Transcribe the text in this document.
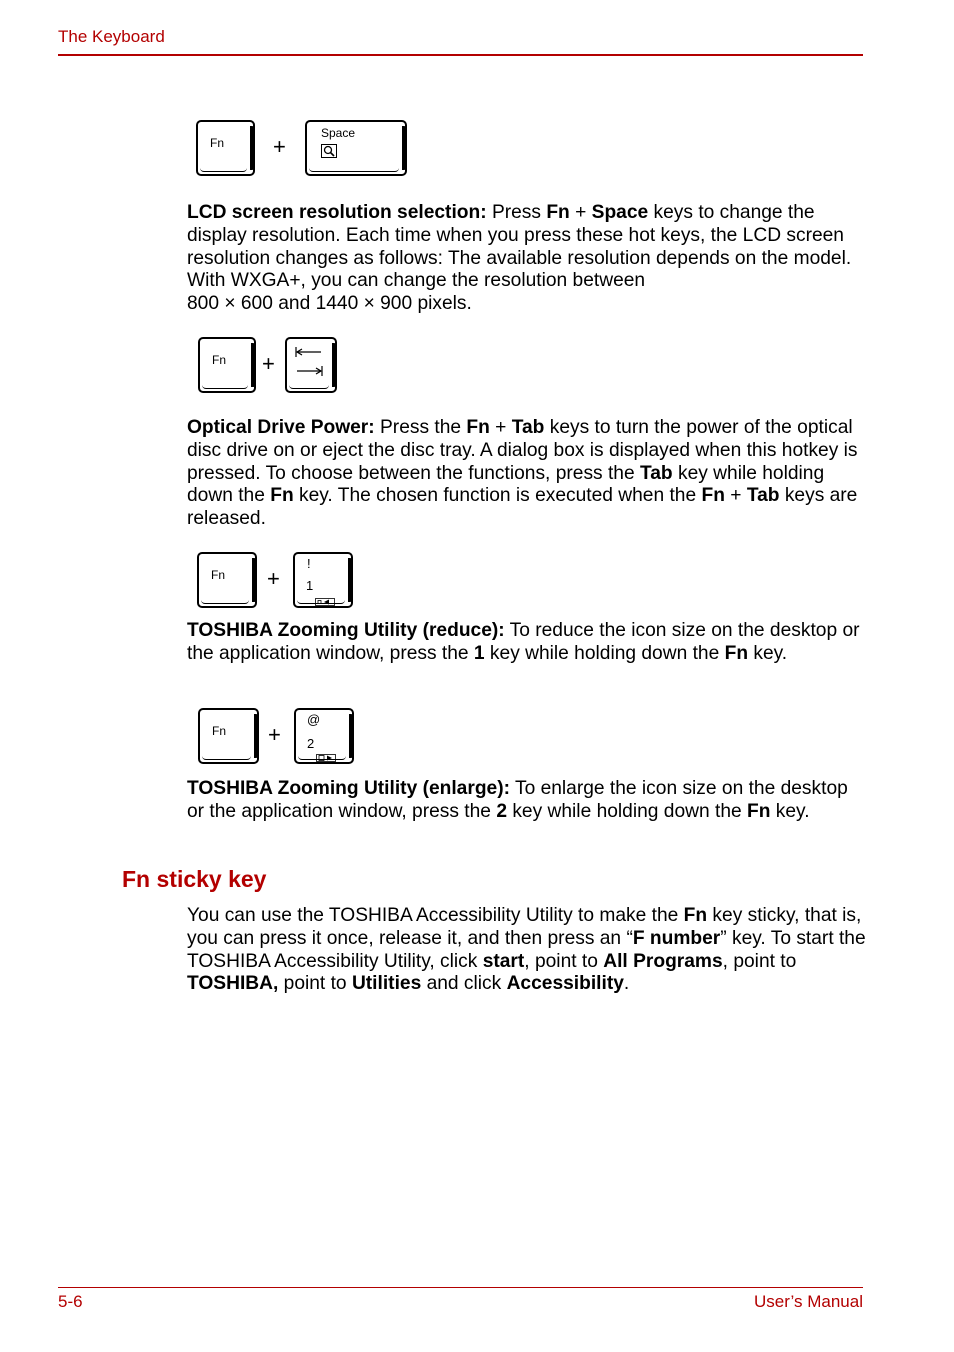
The Keyboard
Fn +
Space

LCD screen resolution selection: Press Fn + Space keys to change the display resolution. Each time when you press these hot keys, the LCD screen resolution changes as follows: The available resolution depends on the model. With WXGA+, you can change the resolution between
800 × 600 and 1440 × 900 pixels.

Fn +

Optical Drive Power: Press the Fn + Tab keys to turn the power of the optical disc drive on or eject the disc tray. A dialog box is displayed when this hotkey is pressed. To choose between the functions, press the Tab key while holding down the Fn key. The chosen function is executed when the Fn + Tab keys are released.

Fn +
!
1

TOSHIBA Zooming Utility (reduce): To reduce the icon size on the desktop or the application window, press the 1 key while holding down the Fn key.

Fn +
@
2

TOSHIBA Zooming Utility (enlarge): To enlarge the icon size on the desktop or the application window, press the 2 key while holding down the Fn key.

Fn sticky key

You can use the TOSHIBA Accessibility Utility to make the Fn key sticky, that is, you can press it once, release it, and then press an “F number” key. To start the TOSHIBA Accessibility Utility, click start, point to All Programs, point to TOSHIBA, point to Utilities and click Accessibility.

5-6	User’s Manual
